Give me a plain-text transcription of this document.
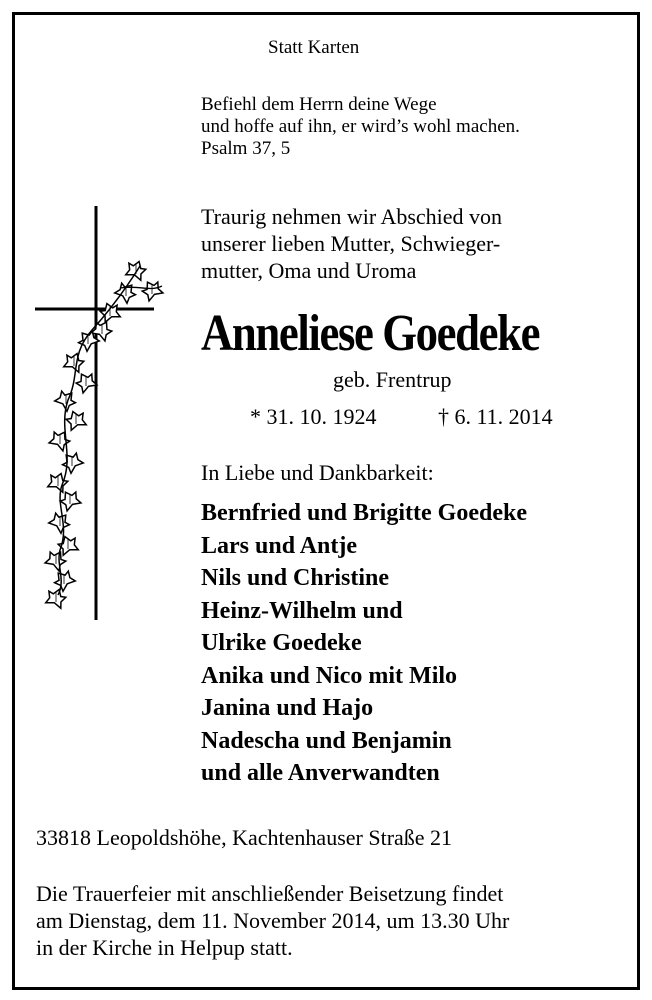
Statt Karten
Befiehl dem Herrn deine Wege
und hoffe auf ihn, er wird’s wohl machen.
Psalm 37, 5
Traurig nehmen wir Abschied von
unserer lieben Mutter, Schwieger-
mutter, Oma und Uroma
Anneliese Goedeke
geb. Frentrup
* 31. 10. 1924	† 6. 11. 2014
In Liebe und Dankbarkeit:
Bernfried und Brigitte Goedeke
Lars und Antje
Nils und Christine
Heinz-Wilhelm und
Ulrike Goedeke
Anika und Nico mit Milo
Janina und Hajo
Nadescha und Benjamin
und alle Anverwandten
33818 Leopoldshöhe, Kachtenhauser Straße 21
Die Trauerfeier mit anschließender Beisetzung findet
am Dienstag, dem 11. November 2014, um 13.30 Uhr
in der Kirche in Helpup statt.
